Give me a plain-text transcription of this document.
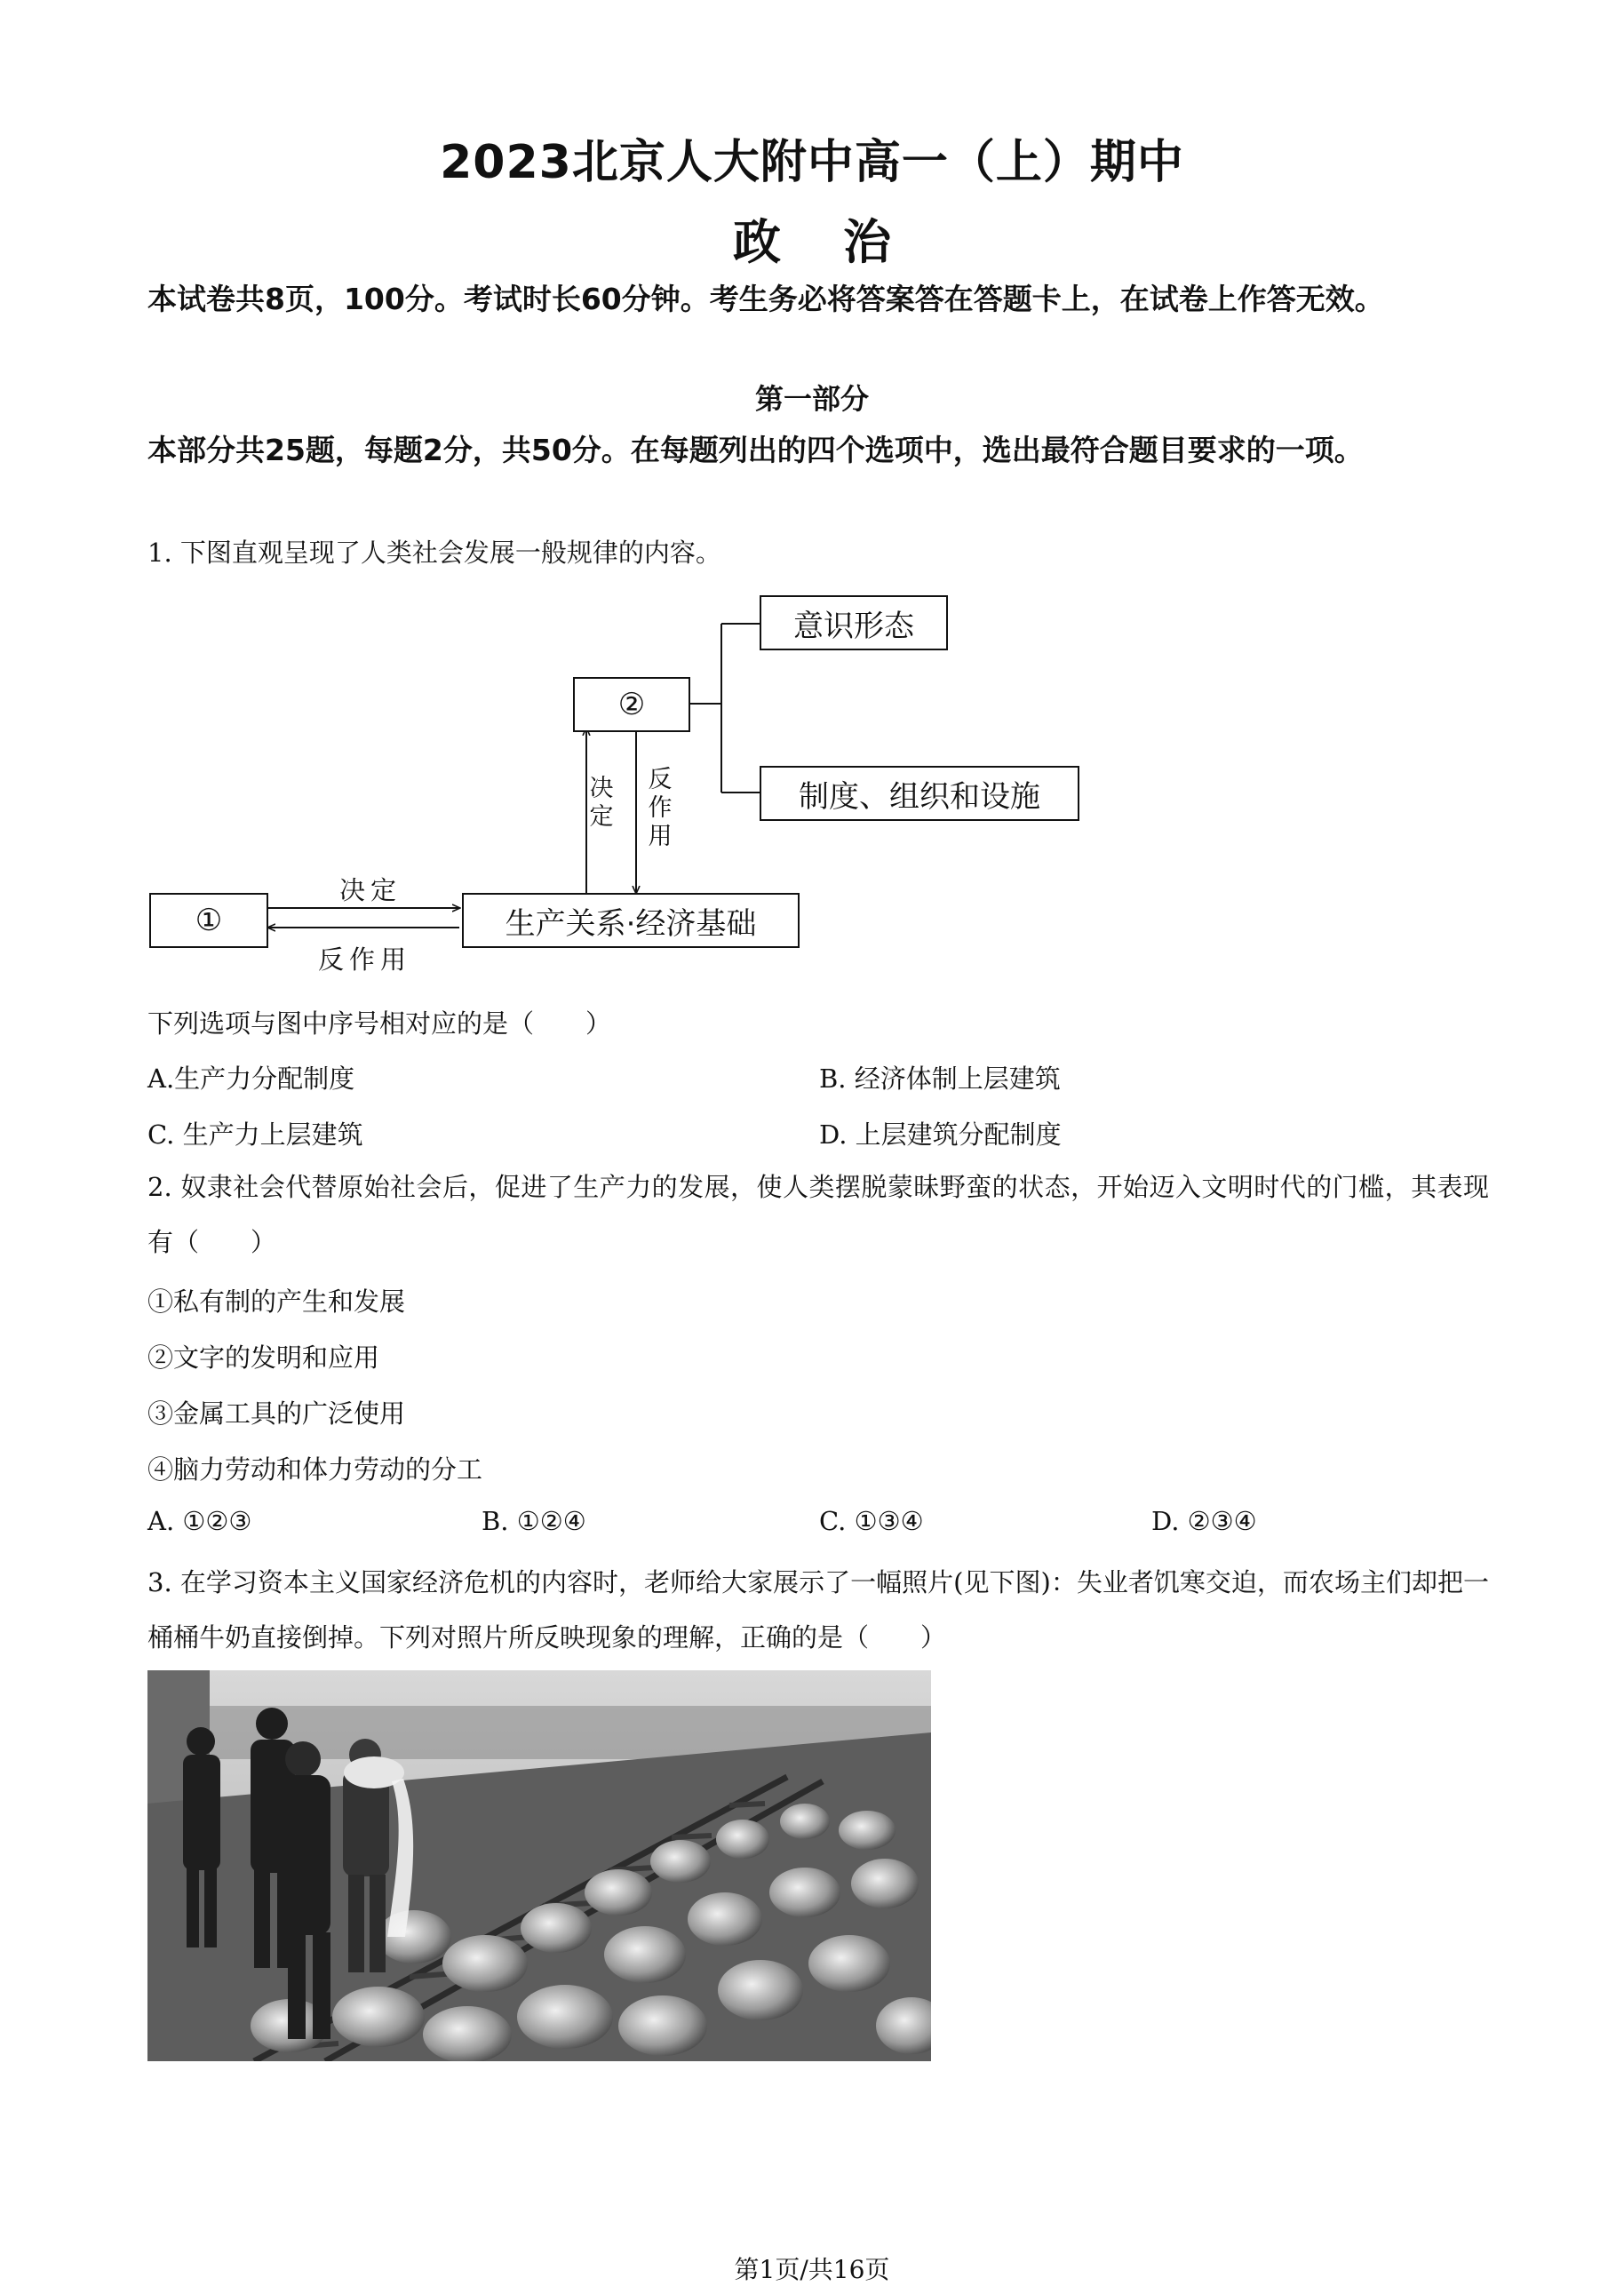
2023北京人大附中高一（上）期中
政治
本试卷共8页，100分。考试时长60分钟。考生务必将答案答在答题卡上，在试卷上作答无效。
第一部分
本部分共25题，每题2分，共50分。在每题列出的四个选项中，选出最符合题目要求的一项。
1. 下图直观呈现了人类社会发展一般规律的内容。
意识形态
②
制度、组织和设施
①	生产关系·经济基础
决
定
反
作
用
决定
反作用
下列选项与图中序号相对应的是（　　）
A.生产力分配制度	B. 经济体制上层建筑
C. 生产力上层建筑	D. 上层建筑分配制度
2. 奴隶社会代替原始社会后，促进了生产力的发展，使人类摆脱蒙昧野蛮的状态，开始迈入文明时代的门槛，其表现有（　　）
①私有制的产生和发展
②文字的发明和应用
③金属工具的广泛使用
④脑力劳动和体力劳动的分工
A. ①②③	B. ①②④	C. ①③④	D. ②③④
3. 在学习资本主义国家经济危机的内容时，老师给大家展示了一幅照片(见下图)：失业者饥寒交迫，而农场主们却把一桶桶牛奶直接倒掉。下列对照片所反映现象的理解，正确的是（　　）
第1页/共16页
